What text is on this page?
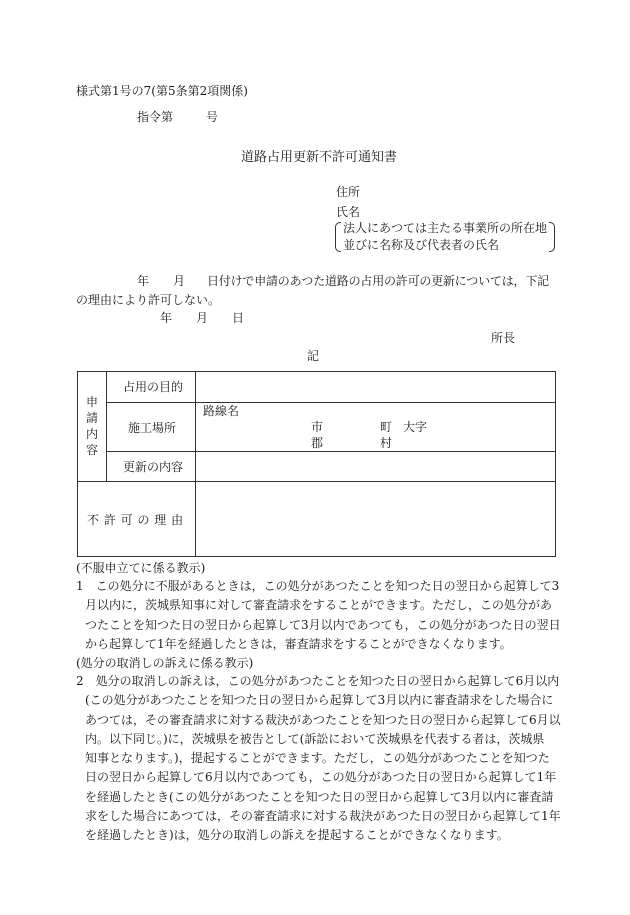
様式第1号の7(第5条第2項関係)
指令第	号
道路占用更新不許可通知書
住所
氏名
法人にあつては主たる事業所の所在地
並びに名称及び代表者の氏名
年 月 日付けで申請のあつた道路の占用の許可の更新については，下記
の理由により許可しない。
年 月 日
所長
記
申
請
内
容
占用の目的
施工場所
更新の内容
不 許 可 の 理 由
路線名
市
郡
町
村
大字
(不服申立てに係る教示)
1　この処分に不服があるときは，この処分があつたことを知つた日の翌日から起算して3
月以内に，茨城県知事に対して審査請求をすることができます。ただし，この処分があ
つたことを知つた日の翌日から起算して3月以内であつても，この処分があつた日の翌日
から起算して1年を経過したときは，審査請求をすることができなくなります。
(処分の取消しの訴えに係る教示)
2　処分の取消しの訴えは，この処分があつたことを知つた日の翌日から起算して6月以内
(この処分があつたことを知つた日の翌日から起算して3月以内に審査請求をした場合に
あつては，その審査請求に対する裁決があつたことを知つた日の翌日から起算して6月以
内。以下同じ。)に，茨城県を被告として(訴訟において茨城県を代表する者は，茨城県
知事となります。)，提起することができます。ただし，この処分があつたことを知つた
日の翌日から起算して6月以内であつても，この処分があつた日の翌日から起算して1年
を経過したとき(この処分があつたことを知つた日の翌日から起算して3月以内に審査請
求をした場合にあつては，その審査請求に対する裁決があつた日の翌日から起算して1年
を経過したとき)は，処分の取消しの訴えを提起することができなくなります。
